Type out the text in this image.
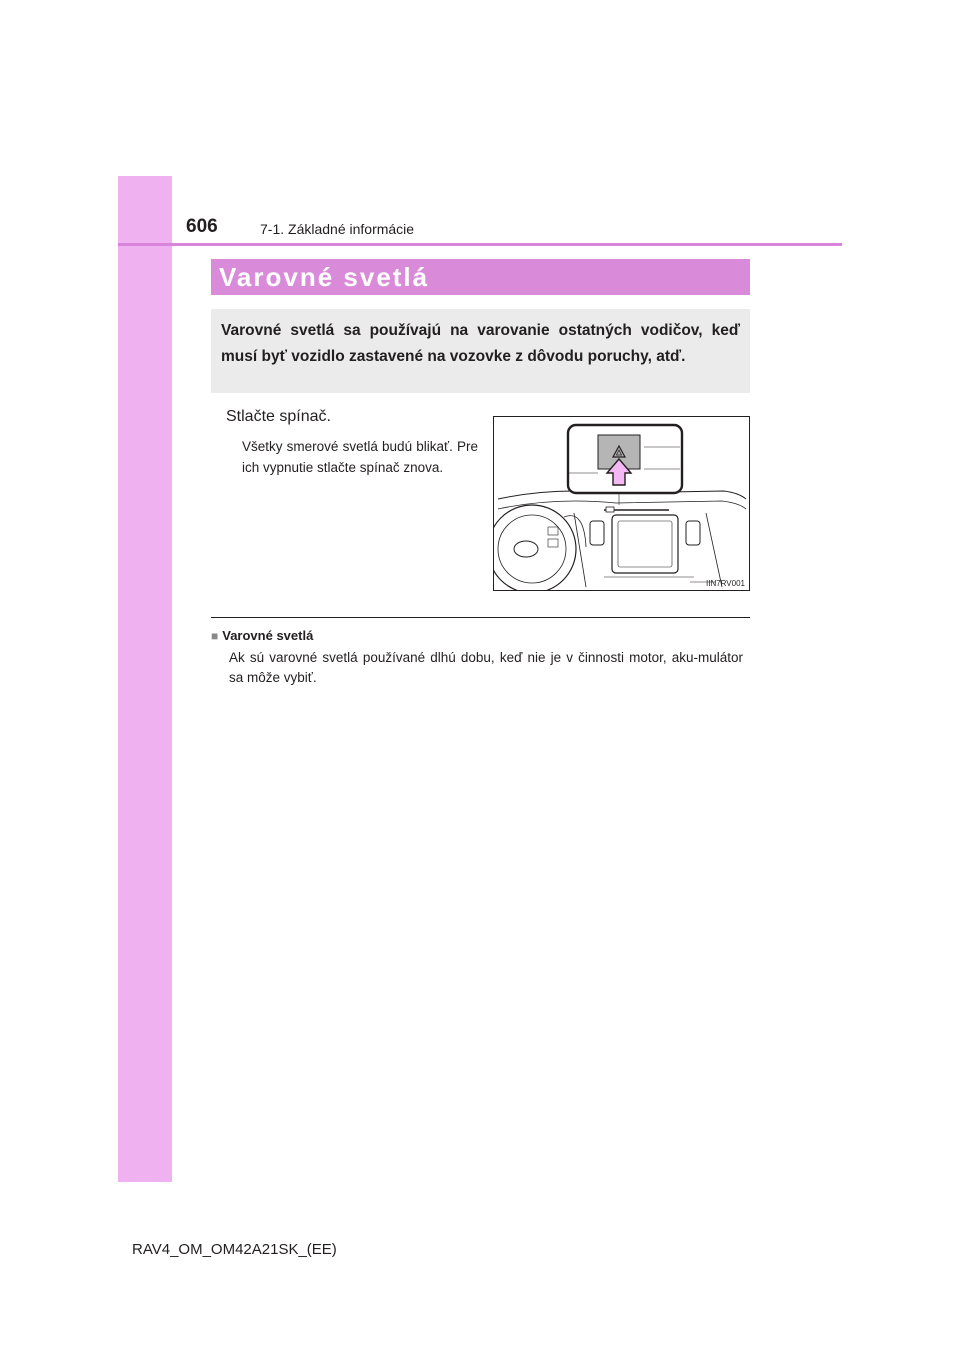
606	7-1. Základné informácie
Varovné svetlá

Varovné svetlá sa používajú na varovanie ostatných vodičov, keď musí byť vozidlo zastavené na vozovke z dôvodu poruchy, atď.

Stlačte spínač.

Všetky smerové svetlá budú blikať. Pre ich vypnutie stlačte spínač znova.

IIN7RV001
■ Varovné svetlá

Ak sú varovné svetlá používané dlhú dobu, keď nie je v činnosti motor, aku-mulátor sa môže vybiť.

RAV4_OM_OM42A21SK_(EE)
